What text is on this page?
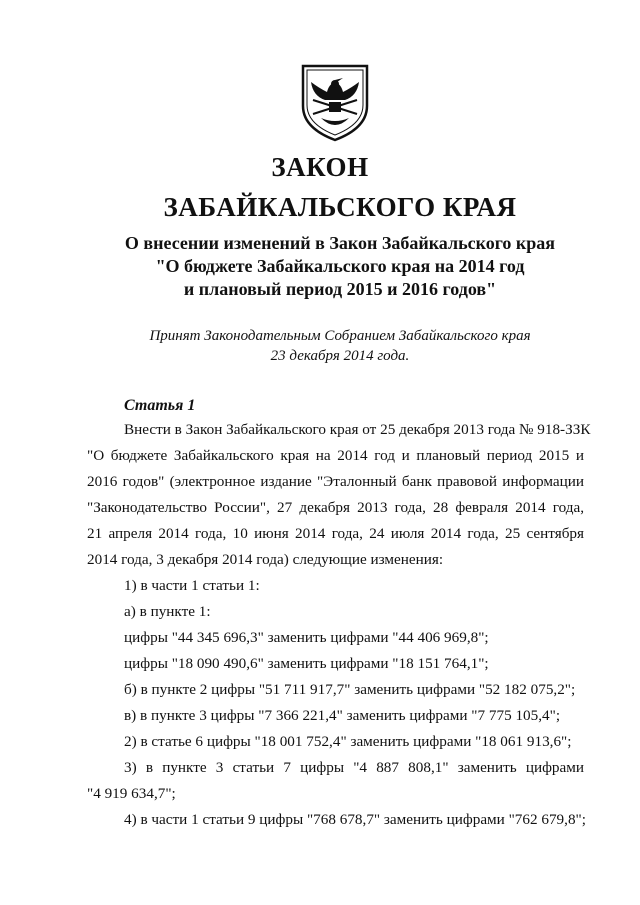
ЗАКОН
ЗАБАЙКАЛЬСКОГО КРАЯ
О внесении изменений в Закон Забайкальского края
"О бюджете Забайкальского края на 2014 год
и плановый период 2015 и 2016 годов"
Принят Законодательным Собранием Забайкальского края
23 декабря 2014 года.
Статья 1
Внести в Закон Забайкальского края от 25 декабря 2013 года № 918-ЗЗК
"О бюджете Забайкальского края на 2014 год и плановый период 2015 и
2016 годов" (электронное издание "Эталонный банк правовой информации
"Законодательство России", 27 декабря 2013 года, 28 февраля 2014 года,
21 апреля 2014 года, 10 июня 2014 года, 24 июля 2014 года, 25 сентября
2014 года, 3 декабря 2014 года) следующие изменения:
1) в части 1 статьи 1:
а) в пункте 1:
цифры "44 345 696,3" заменить цифрами "44 406 969,8";
цифры "18 090 490,6" заменить цифрами "18 151 764,1";
б) в пункте 2 цифры "51 711 917,7" заменить цифрами "52 182 075,2";
в) в пункте 3 цифры "7 366 221,4" заменить цифрами "7 775 105,4";
2) в статье 6 цифры "18 001 752,4" заменить цифрами "18 061 913,6";
3) в пункте 3 статьи 7 цифры "4 887 808,1" заменить цифрами
"4 919 634,7";
4) в части 1 статьи 9 цифры "768 678,7" заменить цифрами "762 679,8";
